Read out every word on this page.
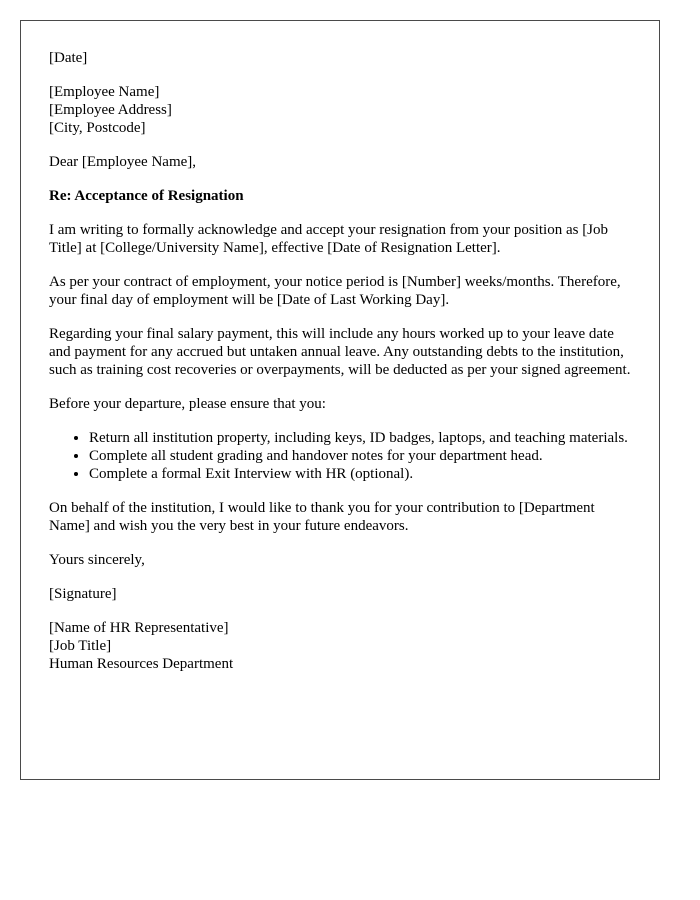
[Date]

[Employee Name]
[Employee Address]
[City, Postcode]

Dear [Employee Name],

Re: Acceptance of Resignation

I am writing to formally acknowledge and accept your resignation from your position as [Job Title] at [College/University Name], effective [Date of Resignation Letter].

As per your contract of employment, your notice period is [Number] weeks/months. Therefore, your final day of employment will be [Date of Last Working Day].

Regarding your final salary payment, this will include any hours worked up to your leave date and payment for any accrued but untaken annual leave. Any outstanding debts to the institution, such as training cost recoveries or overpayments, will be deducted as per your signed agreement.

Before your departure, please ensure that you:

• Return all institution property, including keys, ID badges, laptops, and teaching materials.
• Complete all student grading and handover notes for your department head.
• Complete a formal Exit Interview with HR (optional).

On behalf of the institution, I would like to thank you for your contribution to [Department Name] and wish you the very best in your future endeavors.

Yours sincerely,

[Signature]

[Name of HR Representative]
[Job Title]
Human Resources Department
